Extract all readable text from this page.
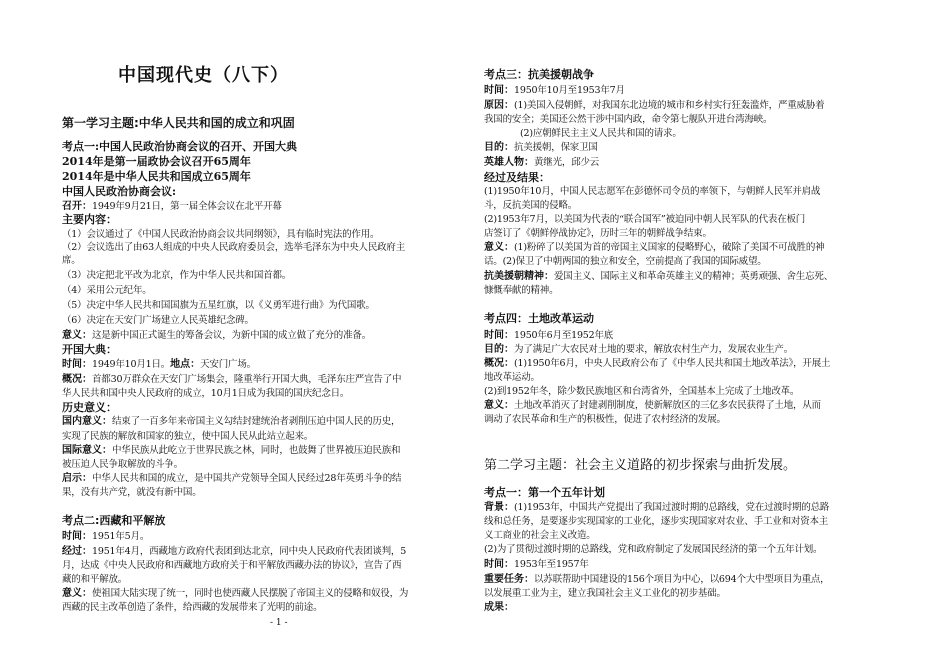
中国现代史（八下）
第一学习主题:中华人民共和国的成立和巩固
考点一:中国人民政治协商会议的召开、开国大典
2014年是第一届政协会议召开65周年
2014年是中华人民共和国成立65周年
中国人民政治协商会议:
召开：1949年9月21日，第一届全体会议在北平开幕
主要内容：
（1）会议通过了《中国人民政治协商会议共同纲领》，具有临时宪法的作用。
（2）会议选出了由63人组成的中央人民政府委员会，选举毛泽东为中央人民政府主
席。
（3）决定把北平改为北京，作为中华人民共和国首都。
（4）采用公元纪年。
（5）决定中华人民共和国国旗为五星红旗，以《义勇军进行曲》为代国歌。
（6）决定在天安门广场建立人民英雄纪念碑。
意义：这是新中国正式诞生的筹备会议，为新中国的成立做了充分的准备。
开国大典：
时间：1949年10月1日。地点：天安门广场。
概况：首都30万群众在天安门广场集会，隆重举行开国大典，毛泽东庄严宣告了中
华人民共和国中央人民政府的成立，10月1日成为我国的国庆纪念日。
历史意义：
国内意义：结束了一百多年来帝国主义勾结封建统治者剥削压迫中国人民的历史，
实现了民族的解放和国家的独立，使中国人民从此站立起来。
国际意义：中华民族从此屹立于世界民族之林，同时，也鼓舞了世界被压迫民族和
被压迫人民争取解放的斗争。
启示：中华人民共和国的成立，是中国共产党领导全国人民经过28年英勇斗争的结
果，没有共产党，就没有新中国。
考点二:西藏和平解放
时间：1951年5月。
经过：1951年4月，西藏地方政府代表团到达北京，同中央人民政府代表团谈判，5
月，达成《中央人民政府和西藏地方政府关于和平解放西藏办法的协议》，宣告了西
藏的和平解放。
意义：使祖国大陆实现了统一，同时也使西藏人民摆脱了帝国主义的侵略和奴役，为
西藏的民主改革创造了条件，给西藏的发展带来了光明的前途。
- 1 -
考点三：抗美援朝战争
时间：1950年10月至1953年7月
原因：(1)美国入侵朝鲜，对我国东北边境的城市和乡村实行狂轰滥炸，严重威胁着
我国的安全；美国还公然干涉中国内政，命令第七舰队开进台湾海峡。
(2)应朝鲜民主主义人民共和国的请求。
目的：抗美援朝，保家卫国
英雄人物：黄继光，邱少云
经过及结果：
(1)1950年10月，中国人民志愿军在彭德怀司令员的率领下，与朝鲜人民军并肩战
斗，反抗美国的侵略。
(2)1953年7月，以美国为代表的“联合国军”被迫同中朝人民军队的代表在板门
店签订了《朝鲜停战协定》，历时三年的朝鲜战争结束。
意义：(1)粉碎了以美国为首的帝国主义国家的侵略野心，破除了美国不可战胜的神
话。(2)保卫了中朝两国的独立和安全，空前提高了我国的国际威望。
抗美援朝精神：爱国主义、国际主义和革命英雄主义的精神；英勇顽强、舍生忘死、
慷慨奉献的精神。
考点四：土地改革运动
时间：1950年6月至1952年底
目的：为了满足广大农民对土地的要求，解放农村生产力，发展农业生产。
概况：(1)1950年6月，中央人民政府公布了《中华人民共和国土地改革法》，开展土
地改革运动。
(2)到1952年冬，除少数民族地区和台湾省外，全国基本上完成了土地改革。
意义：土地改革消灭了封建剥削制度，使新解放区的三亿多农民获得了土地，从而
调动了农民革命和生产的积极性，促进了农村经济的发展。
第二学习主题：社会主义道路的初步探索与曲折发展。
考点一：第一个五年计划
背景：(1)1953年，中国共产党提出了我国过渡时期的总路线，党在过渡时期的总路
线和总任务，是要逐步实现国家的工业化，逐步实现国家对农业、手工业和对资本主
义工商业的社会主义改造。
(2)为了贯彻过渡时期的总路线，党和政府制定了发展国民经济的第一个五年计划。
时间：1953年至1957年
重要任务：以苏联帮助中国建设的156个项目为中心，以694个大中型项目为重点，
以发展重工业为主，建立我国社会主义工业化的初步基础。
成果：
